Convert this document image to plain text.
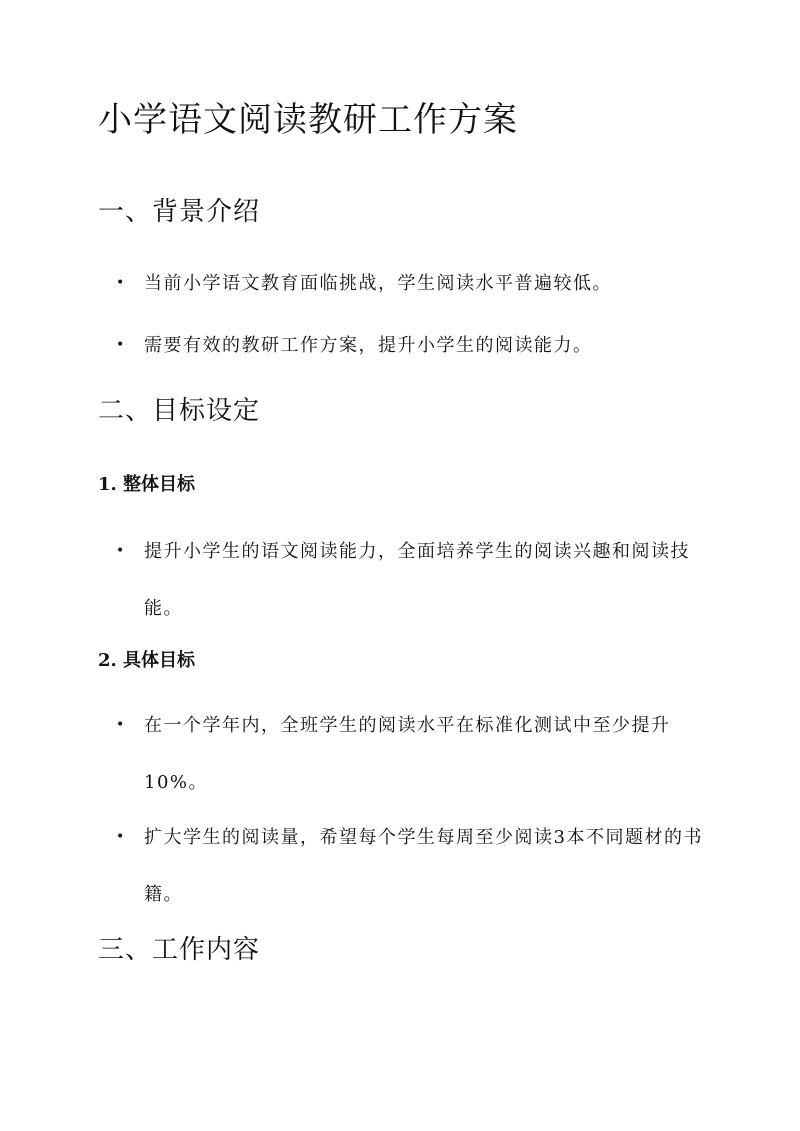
小学语文阅读教研工作方案
一、背景介绍
•	当前小学语文教育面临挑战，学生阅读水平普遍较低。
•	需要有效的教研工作方案，提升小学生的阅读能力。
二、目标设定
1. 整体目标
•	提升小学生的语文阅读能力，全面培养学生的阅读兴趣和阅读技能。
2. 具体目标
•	在一个学年内，全班学生的阅读水平在标准化测试中至少提升10%。
•	扩大学生的阅读量，希望每个学生每周至少阅读3本不同题材的书籍。
三、工作内容
